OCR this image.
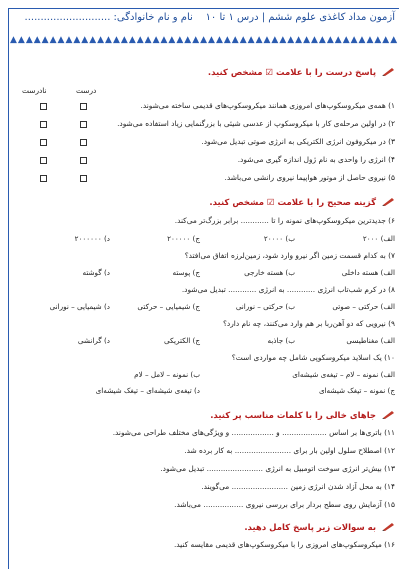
آزمون مداد کاغذی علوم ششم | درس ۱ تا ۱۰    نام و نام خانوادگی: ...........................
▲▲▲▲▲▲▲▲▲▲▲▲▲▲▲▲▲▲▲▲▲▲▲▲▲▲▲▲▲▲▲▲▲▲▲▲▲▲▲▲▲▲▲▲▲▲▲▲▲
پاسخ درست را با علامت ☑ مشخص کنید.
درست
نادرست
۱) همه‌ی میکروسکوپ‌های امروزی همانند میکروسکوپ‌های قدیمی ساخته می‌شوند.
۲) در اولین مرحله‌ی کار با میکروسکوپ از عدسی شیئی با بزرگنمایی زیاد استفاده می‌شود.
۳) در میکروفون انرژی الکتریکی به انرژی صوتی تبدیل می‌شود.
۴) انرژی را واحدی به نام ژول اندازه گیری می‌شود.
۵) نیروی حاصل از موتور هواپیما نیروی رانشی می‌باشد.
گزینه صحیح را با علامت ☑ مشخص کنید.
۶) جدیدترین میکروسکوپ‌های نمونه را تا ............ برابر بزرگ‌تر می‌کند.
الف) ۲۰۰۰
ب) ۲۰۰۰۰
ج) ۲۰۰۰۰۰
د) ۲۰۰۰۰۰۰
۷) به کدام قسمت زمین اگر نیرو وارد شود، زمین‌لرزه اتفاق می‌افتد؟
الف) هسته داخلی
ب) هسته خارجی
ج) پوسته
د) گوشته
۸) در کرم شب‌تاب انرژی ............ به انرژی ............ تبدیل می‌شود.
الف) حرکتی – صوتی
ب) حرکتی – نورانی
ج) شیمیایی – حرکتی
د) شیمیایی – نورانی
۹) نیرویی که دو آهن‌ربا بر هم وارد می‌کنند، چه نام دارد؟
الف) مغناطیسی
ب) جاذبه
ج) الکتریکی
د) گرانشی
۱۰) یک اسلاید میکروسکوپی شامل چه مواردی است؟
الف) نمونه – لام – تیغه‌ی شیشه‌ای
ب) نمونه – لامل – لام
ج) نمونه – تیغک شیشه‌ای
د) تیغه‌ی شیشه‌ای – تیغک شیشه‌ای
جاهای خالی را با کلمات مناسب پر کنید.
۱۱) باتری‌ها بر اساس ................... و .................. و ویژگی‌های مختلف طراحی می‌شوند.
۱۲) اصطلاح سلول اولین بار برای ........................ به کار برده شد.
۱۳) بیش‌تر انرژی سوخت اتومبیل به انرژی ........................ تبدیل می‌شود.
۱۴) به محل آزاد شدن انرژی زمین ........................ می‌گویند.
۱۵) آزمایش روی سطح بردار برای بررسی نیروی ................. می‌باشد.
به سوالات زیر پاسخ کامل دهید.
۱۶) میکروسکوپ‌های امروزی را با میکروسکوپ‌های قدیمی مقایسه کنید.
